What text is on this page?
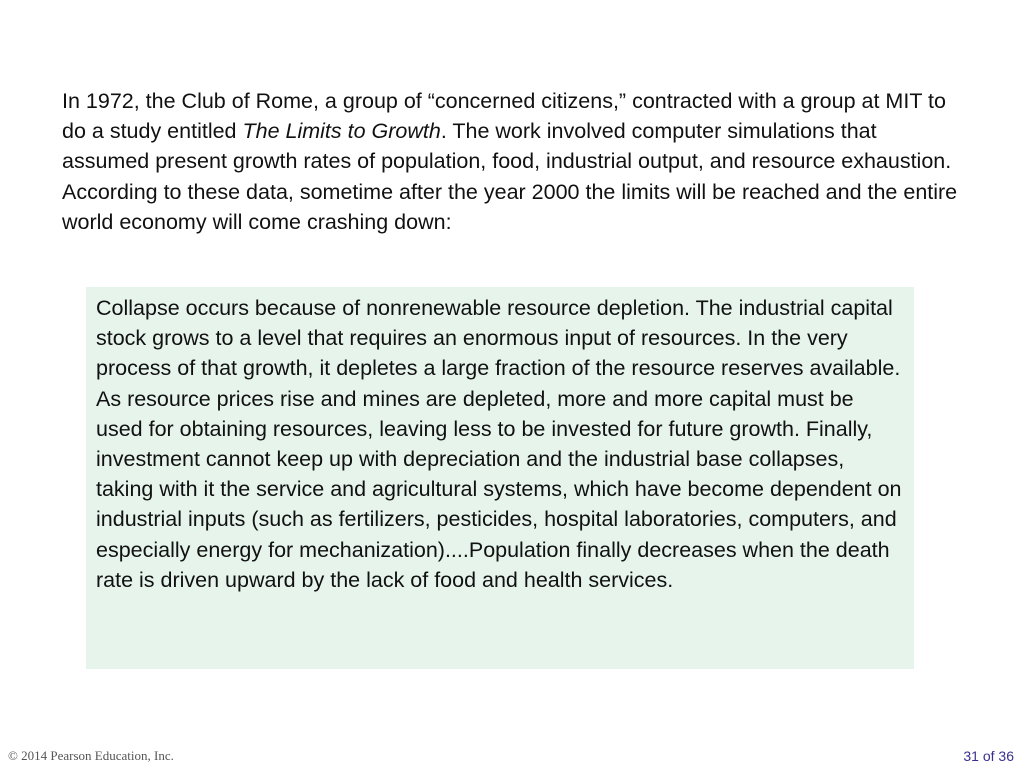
In 1972, the Club of Rome, a group of “concerned citizens,” contracted with a group at MIT to do a study entitled The Limits to Growth. The work involved computer simulations that assumed present growth rates of population, food, industrial output, and resource exhaustion. According to these data, sometime after the year 2000 the limits will be reached and the entire world economy will come crashing down:

Collapse occurs because of nonrenewable resource depletion. The industrial capital stock grows to a level that requires an enormous input of resources. In the very process of that growth, it depletes a large fraction of the resource reserves available. As resource prices rise and mines are depleted, more and more capital must be used for obtaining resources, leaving less to be invested for future growth. Finally, investment cannot keep up with depreciation and the industrial base collapses, taking with it the service and agricultural systems, which have become dependent on industrial inputs (such as fertilizers, pesticides, hospital laboratories, computers, and especially energy for mechanization)....Population finally decreases when the death rate is driven upward by the lack of food and health services.

© 2014 Pearson Education, Inc.	31 of 36
